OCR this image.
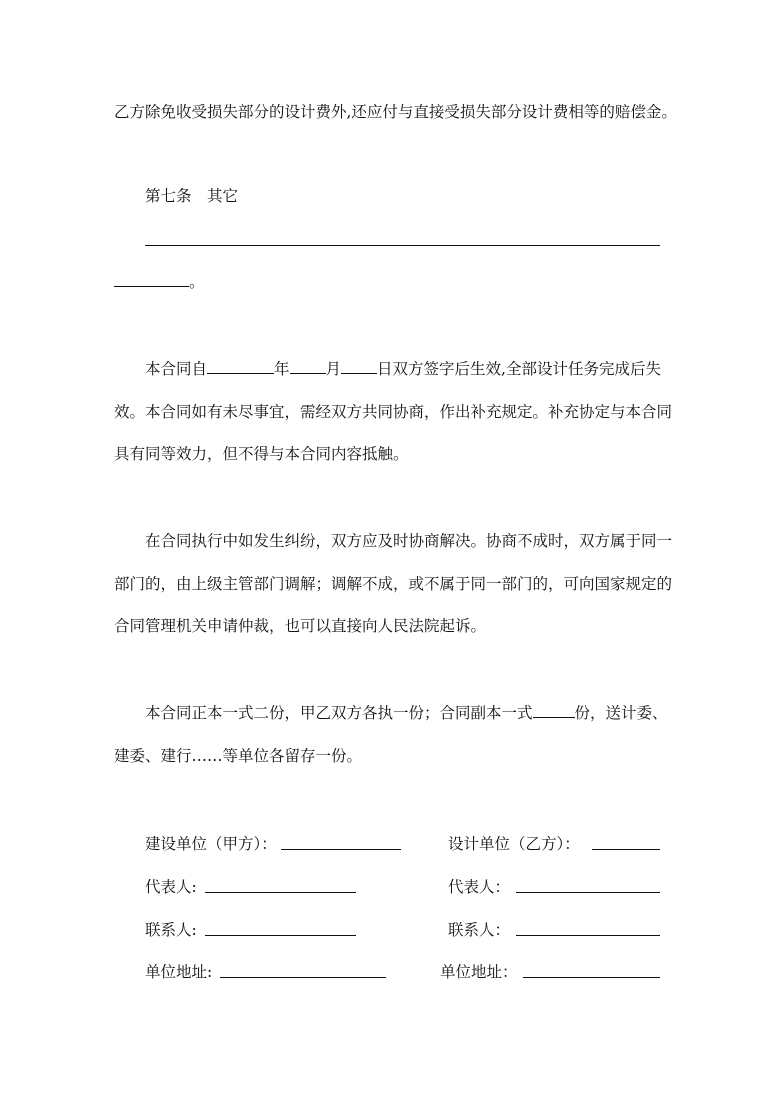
乙方除免收受损失部分的设计费外,还应付与直接受损失部分设计费相等的赔偿金。
第七条　其它
。
本合同自	年 月 日双方签字后生效,全部设计任务完成后失
效。本合同如有未尽事宜，需经双方共同协商，作出补充规定。补充协定与本合同
具有同等效力，但不得与本合同内容抵触。
在合同执行中如发生纠纷，双方应及时协商解决。协商不成时，双方属于同一
部门的，由上级主管部门调解；调解不成，或不属于同一部门的，可向国家规定的
合同管理机关申请仲裁，也可以直接向人民法院起诉。
本合同正本一式二份，甲乙双方各执一份；合同副本一式	份，送计委、
建委、建行……等单位各留存一份。
建设单位（甲方）：	设计单位（乙方）：
代表人:	代表人：
联系人:	联系人：
单位地址:	单位地址：
